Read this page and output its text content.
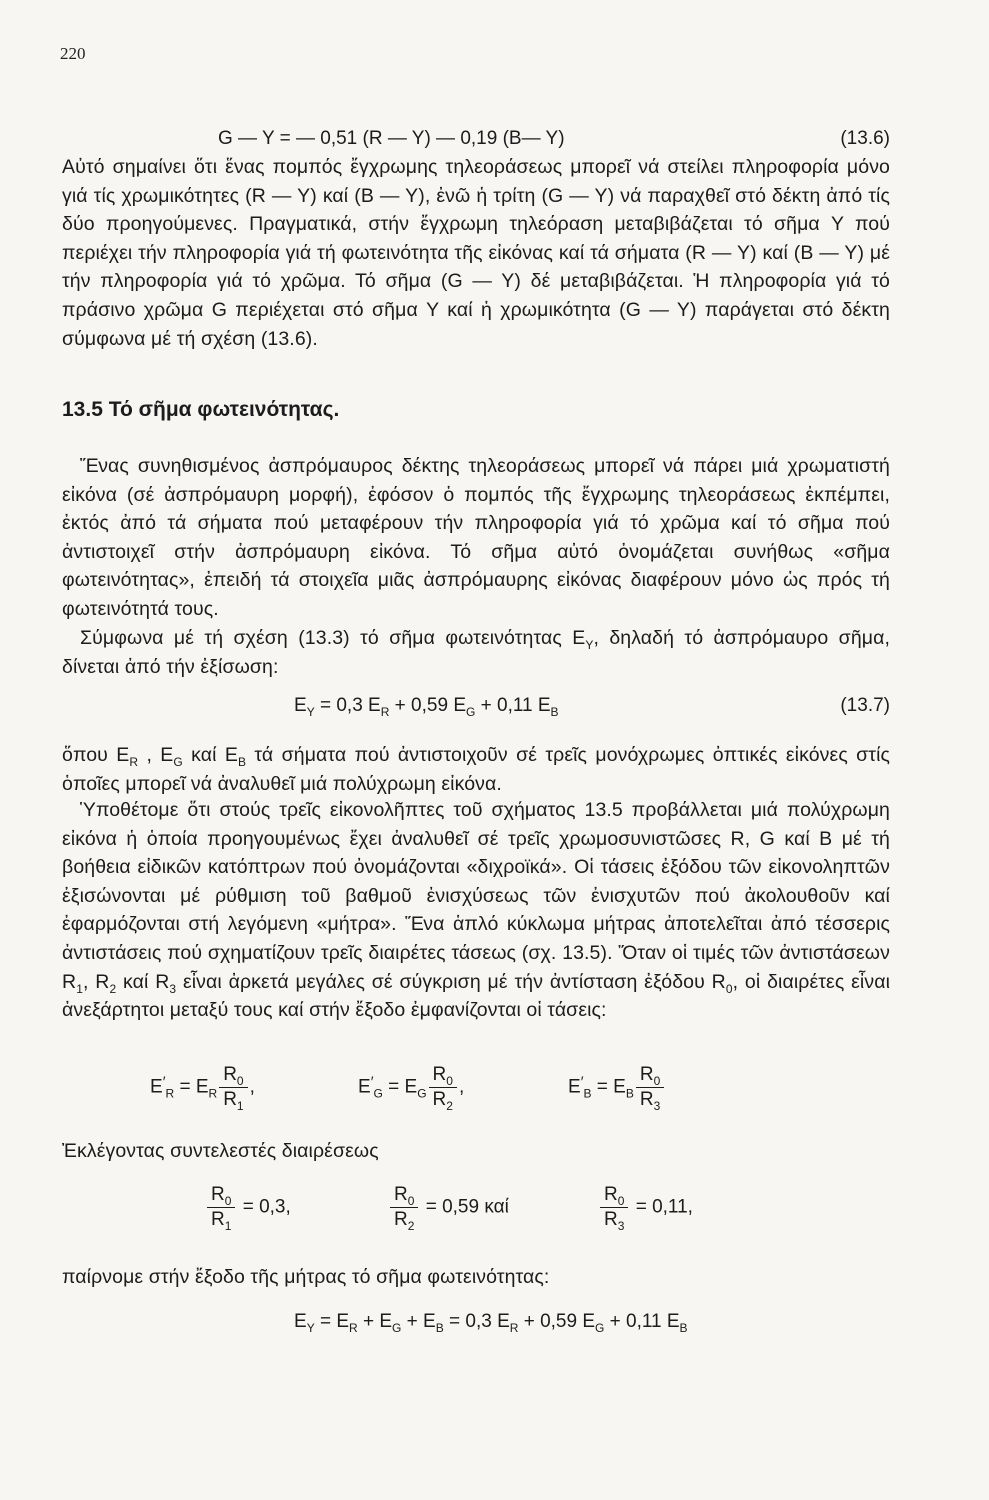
220
G — Y = — 0,51 (R — Y) — 0,19 (B— Y)	(13.6)
Αὐτό σημαίνει ὅτι ἕνας πομπός ἔγχρωμης τηλεοράσεως μπορεῖ νά στείλει πληροφορία μόνο γιά τίς χρωμικότητες (R — Y) καί (B — Y), ἐνῶ ἡ τρίτη (G — Y) νά παραχθεῖ στό δέκτη ἀπό τίς δύο προηγούμενες. Πραγματικά, στήν ἔγχρωμη τηλεόραση μεταβιβάζεται τό σῆμα Y πού περιέχει τήν πληροφορία γιά τή φωτεινότητα τῆς εἰκόνας καί τά σήματα (R — Y) καί (B — Y) μέ τήν πληροφορία γιά τό χρῶμα. Τό σῆμα (G — Y) δέ μεταβιβάζεται. Ἡ πληροφορία γιά τό πράσινο χρῶμα G περιέχεται στό σῆμα Y καί ἡ χρωμικότητα (G — Y) παράγεται στό δέκτη σύμφωνα μέ τή σχέση (13.6).
13.5 Τό σῆμα φωτεινότητας.
Ἕνας συνηθισμένος ἀσπρόμαυρος δέκτης τηλεοράσεως μπορεῖ νά πάρει μιά χρωματιστή εἰκόνα (σέ ἀσπρόμαυρη μορφή), ἐφόσον ὁ πομπός τῆς ἔγχρωμης τηλεοράσεως ἐκπέμπει, ἐκτός ἀπό τά σήματα πού μεταφέρουν τήν πληροφορία γιά τό χρῶμα καί τό σῆμα πού ἀντιστοιχεῖ στήν ἀσπρόμαυρη εἰκόνα. Τό σῆμα αὐτό ὀνομάζεται συνήθως «σῆμα φωτεινότητας», ἐπειδή τά στοιχεῖα μιᾶς ἀσπρόμαυρης εἰκόνας διαφέρουν μόνο ὡς πρός τή φωτεινότητά τους.
Σύμφωνα μέ τή σχέση (13.3) τό σῆμα φωτεινότητας $E_Y$, δηλαδή τό ἀσπρόμαυρο σῆμα, δίνεται ἀπό τήν ἐξίσωση:
$E_Y = 0,3$ $E_R + 0,59$ $E_G + 0,11$ $E_B$	(13.7)
ὅπου $E_R$ , $E_G$ καί $E_B$ τά σήματα πού ἀντιστοιχοῦν σέ τρεῖς μονόχρωμες ὀπτικές εἰκόνες στίς ὁποῖες μπορεῖ νά ἀναλυθεῖ μιά πολύχρωμη εἰκόνα.
Ὑποθέτομε ὅτι στούς τρεῖς εἰκονολῆπτες τοῦ σχήματος 13.5 προβάλλεται μιά πολύχρωμη εἰκόνα ἡ ὁποία προηγουμένως ἔχει ἀναλυθεῖ σέ τρεῖς χρωμοσυνιστῶσες R, G καί B μέ τή βοήθεια εἰδικῶν κατόπτρων πού ὀνομάζονται «διχροϊκά». Οἱ τάσεις ἐξόδου τῶν εἰκονοληπτῶν ἐξισώνονται μέ ρύθμιση τοῦ βαθμοῦ ἐνισχύσεως τῶν ἐνισχυτῶν πού ἀκολουθοῦν καί ἐφαρμόζονται στή λεγόμενη «μήτρα». Ἕνα ἁπλό κύκλωμα μήτρας ἀποτελεῖται ἀπό τέσσερις ἀντιστάσεις πού σχηματίζουν τρεῖς διαιρέτες τάσεως (σχ. 13.5). Ὅταν οἱ τιμές τῶν ἀντιστάσεων $R_1$, $R_2$ καί $R_3$ εἶναι ἀρκετά μεγάλες σέ σύγκριση μέ τήν ἀντίσταση ἐξόδου $R_0$, οἱ διαιρέτες εἶναι ἀνεξάρτητοι μεταξύ τους καί στήν ἔξοδο ἐμφανίζονται οἱ τάσεις:
$E_{'R} = E_R \frac{R_0}{R_1}$ ,	$E_{'G} = E_G \frac{R_0}{R_2}$ ,	$E_{'B} = E_B \frac{R_0}{R_3}$
Ἐκλέγοντας συντελεστές διαιρέσεως
$\frac{R_0}{R_1} = 0,3$,	$\frac{R_0}{R_2} = 0,59$ καί	$\frac{R_0}{R_3} = 0,11$,
παίρνομε στήν ἔξοδο τῆς μήτρας τό σῆμα φωτεινότητας:
$E_Y = E_R + E_G + E_B = 0,3$ $E_R + 0,59$ $E_G + 0,11$ $E_B$
